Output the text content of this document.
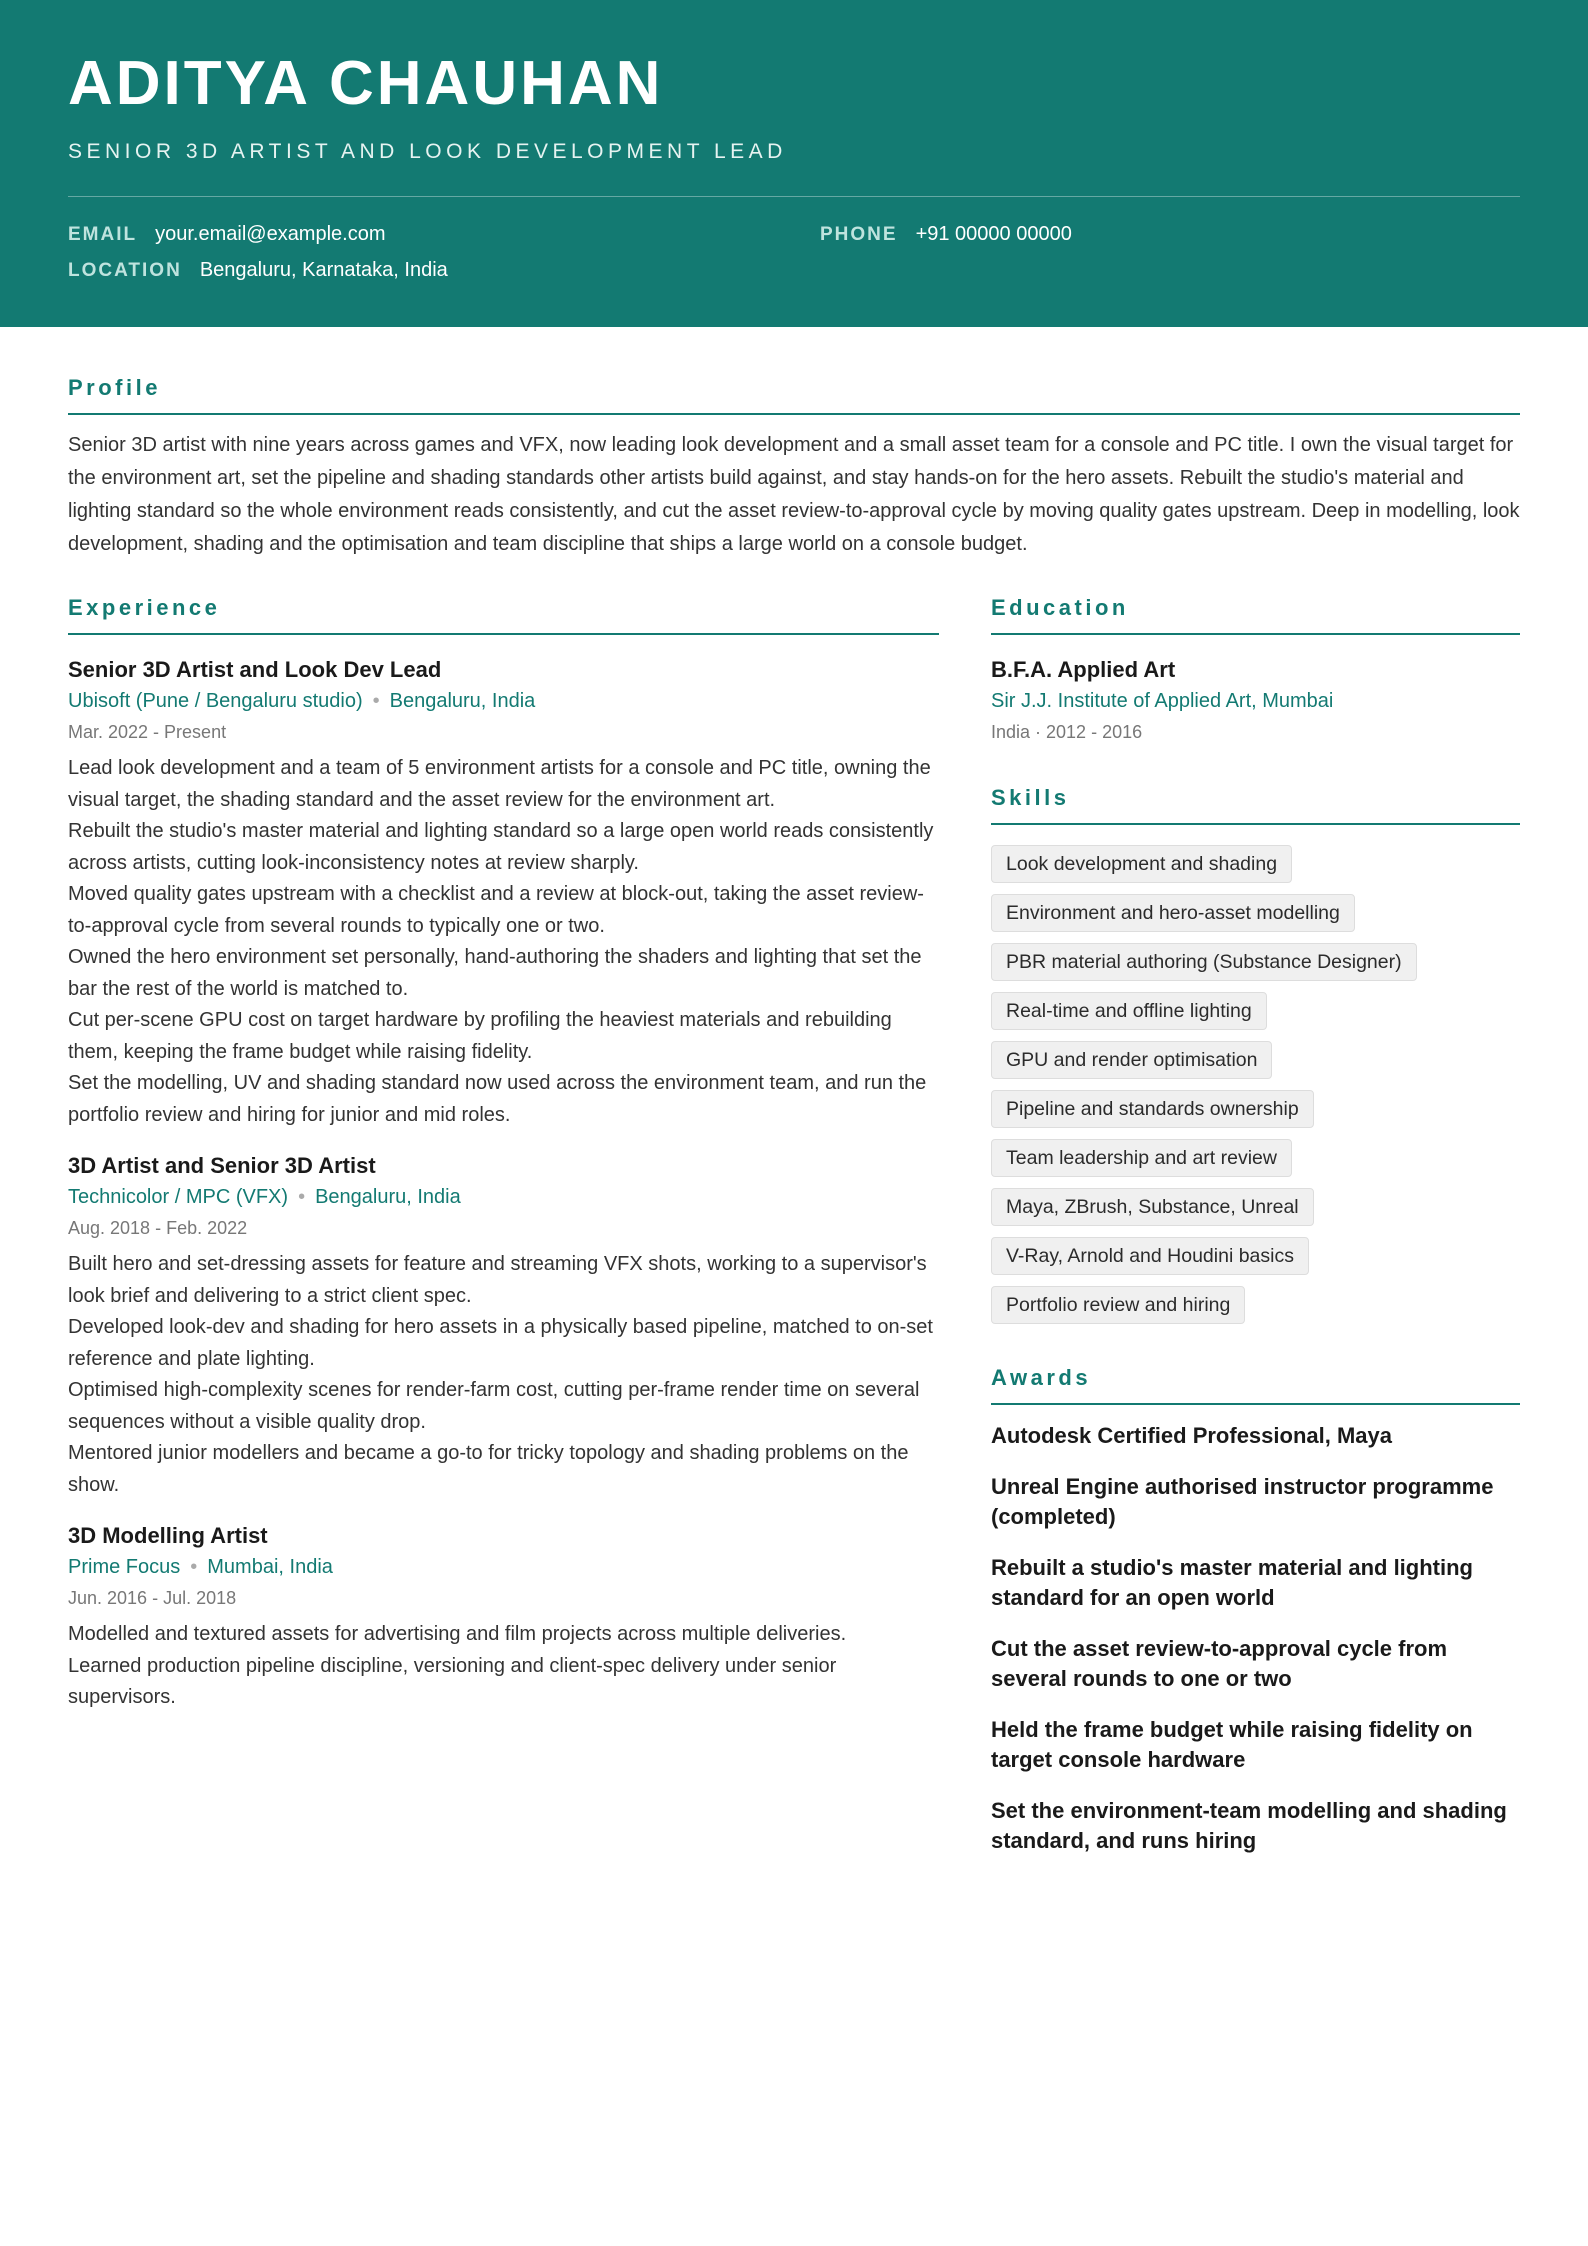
ADITYA CHAUHAN
SENIOR 3D ARTIST AND LOOK DEVELOPMENT LEAD
EMAIL your.email@example.com	PHONE +91 00000 00000
LOCATION Bengaluru, Karnataka, India
Profile

Senior 3D artist with nine years across games and VFX, now leading look development and a small asset team for a console and PC title. I own the visual target for the environment art, set the pipeline and shading standards other artists build against, and stay hands-on for the hero assets. Rebuilt the studio's material and lighting standard so the whole environment reads consistently, and cut the asset review-to-approval cycle by moving quality gates upstream. Deep in modelling, look development, shading and the optimisation and team discipline that ships a large world on a console budget.

Experience
Senior 3D Artist and Look Dev Lead
Ubisoft (Pune / Bengaluru studio) • Bengaluru, India
Mar. 2022 - Present
Lead look development and a team of 5 environment artists for a console and PC title, owning the visual target, the shading standard and the asset review for the environment art.
Rebuilt the studio's master material and lighting standard so a large open world reads consistently across artists, cutting look-inconsistency notes at review sharply.
Moved quality gates upstream with a checklist and a review at block-out, taking the asset review-to-approval cycle from several rounds to typically one or two.
Owned the hero environment set personally, hand-authoring the shaders and lighting that set the bar the rest of the world is matched to.
Cut per-scene GPU cost on target hardware by profiling the heaviest materials and rebuilding them, keeping the frame budget while raising fidelity.
Set the modelling, UV and shading standard now used across the environment team, and run the portfolio review and hiring for junior and mid roles.
3D Artist and Senior 3D Artist
Technicolor / MPC (VFX) • Bengaluru, India
Aug. 2018 - Feb. 2022
Built hero and set-dressing assets for feature and streaming VFX shots, working to a supervisor's look brief and delivering to a strict client spec.
Developed look-dev and shading for hero assets in a physically based pipeline, matched to on-set reference and plate lighting.
Optimised high-complexity scenes for render-farm cost, cutting per-frame render time on several sequences without a visible quality drop.
Mentored junior modellers and became a go-to for tricky topology and shading problems on the show.
3D Modelling Artist
Prime Focus • Mumbai, India
Jun. 2016 - Jul. 2018
Modelled and textured assets for advertising and film projects across multiple deliveries.
Learned production pipeline discipline, versioning and client-spec delivery under senior supervisors.
Education
B.F.A. Applied Art
Sir J.J. Institute of Applied Art, Mumbai
India · 2012 - 2016
Skills
Look development and shading
Environment and hero-asset modelling
PBR material authoring (Substance Designer)
Real-time and offline lighting
GPU and render optimisation
Pipeline and standards ownership
Team leadership and art review
Maya, ZBrush, Substance, Unreal
V-Ray, Arnold and Houdini basics
Portfolio review and hiring
Awards
Autodesk Certified Professional, Maya
Unreal Engine authorised instructor programme (completed)
Rebuilt a studio's master material and lighting standard for an open world
Cut the asset review-to-approval cycle from several rounds to one or two
Held the frame budget while raising fidelity on target console hardware
Set the environment-team modelling and shading standard, and runs hiring
